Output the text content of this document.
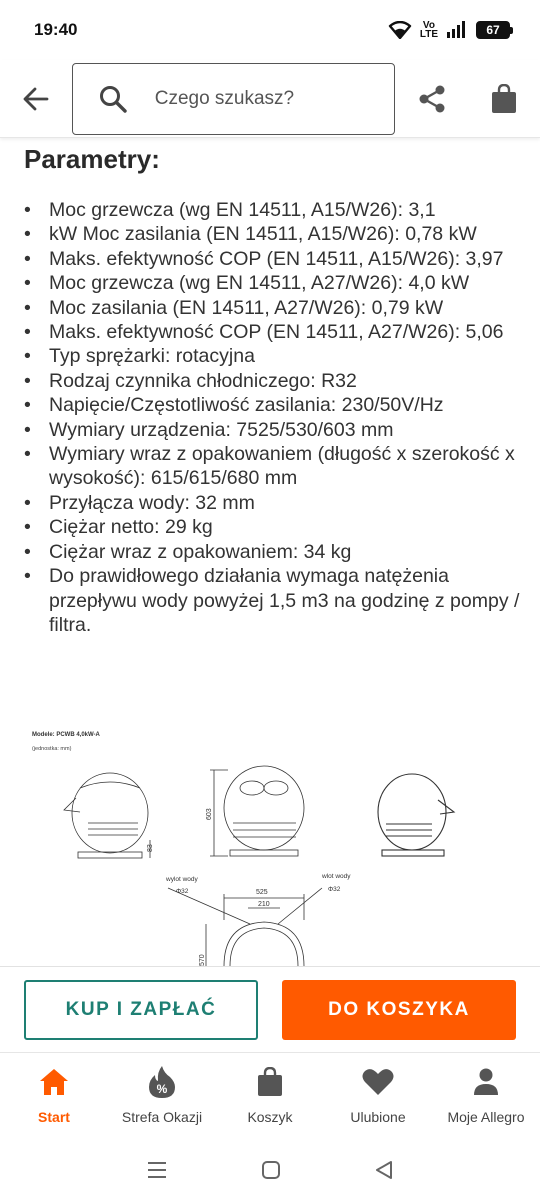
19:40	Vo
LTE	67
Czego szukasz?
Parametry:
• Moc grzewcza (wg EN 14511, A15/W26): 3,1
• kW Moc zasilania (EN 14511, A15/W26): 0,78 kW
• Maks. efektywność COP (EN 14511, A15/W26): 3,97
• Moc grzewcza (wg EN 14511, A27/W26): 4,0 kW
• Moc zasilania (EN 14511, A27/W26): 0,79 kW
• Maks. efektywność COP (EN 14511, A27/W26): 5,06
• Typ sprężarki: rotacyjna
• Rodzaj czynnika chłodniczego: R32
• Napięcie/Częstotliwość zasilania: 230/50V/Hz
• Wymiary urządzenia: 7525/530/603 mm
• Wymiary wraz z opakowaniem (długość x szerokość x wysokość): 615/615/680 mm
• Przyłącza wody: 32 mm
• Ciężar netto: 29 kg
• Ciężar wraz z opakowaniem: 34 kg
• Do prawidłowego działania wymaga natężenia przepływu wody powyżej 1,5 m3 na godzinę z pompy / filtra.
Modele: PCWB 4,0kW-A
(jednostka: mm)
83
603
wylot wody
Φ32
wlot wody
Φ32
525
210
570
KUP I ZAPŁAĆ	DO KOSZYKA
Start
%
Strefa Okazji	Koszyk	Ulubione	Moje Allegro
